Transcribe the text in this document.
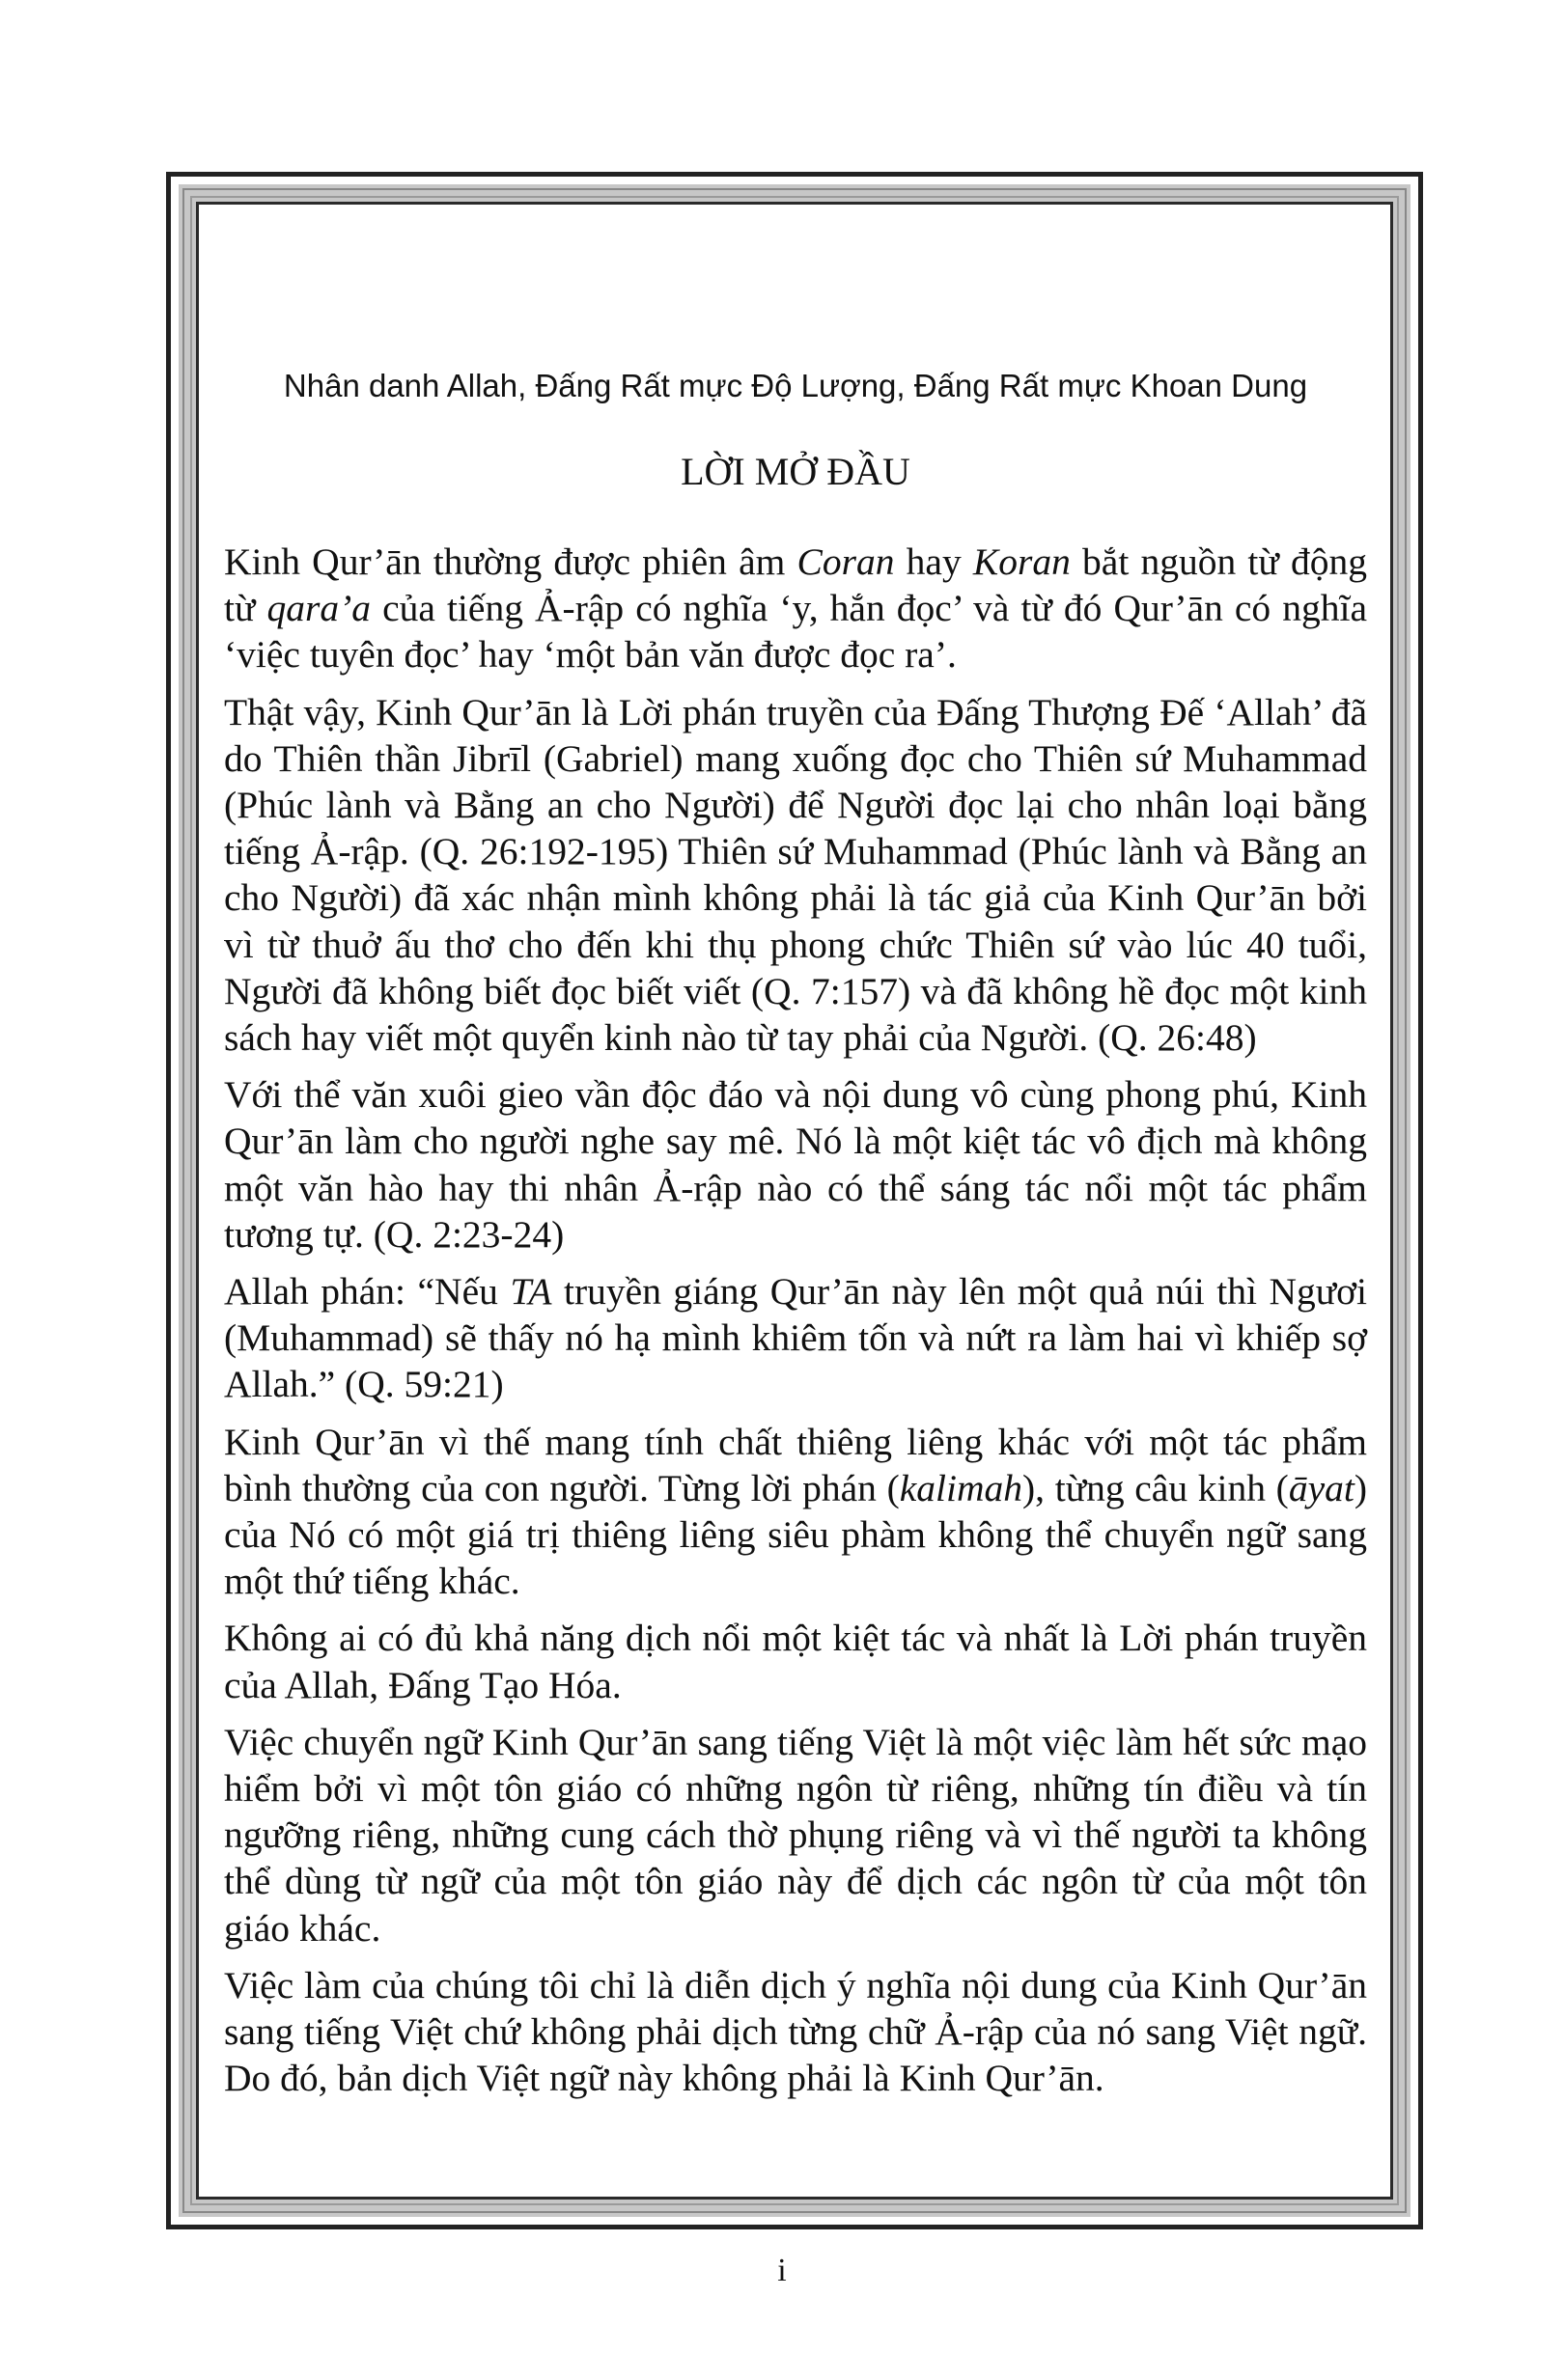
Nhân danh Allah, Đấng Rất mực Độ Lượng, Đấng Rất mực Khoan Dung

LỜI MỞ ĐẦU

Kinh Qur’ān thường được phiên âm Coran hay Koran bắt nguồn từ động từ qara’a của tiếng Ả-rập có nghĩa ‘y, hắn đọc’ và từ đó Qur’ān có nghĩa ‘việc tuyên đọc’ hay ‘một bản văn được đọc ra’.

Thật vậy, Kinh Qur’ān là Lời phán truyền của Đấng Thượng Đế ‘Allah’ đã do Thiên thần Jibrīl (Gabriel) mang xuống đọc cho Thiên sứ Muhammad (Phúc lành và Bằng an cho Người) để Người đọc lại cho nhân loại bằng tiếng Ả-rập. (Q. 26:192-195) Thiên sứ Muhammad (Phúc lành và Bằng an cho Người) đã xác nhận mình không phải là tác giả của Kinh Qur’ān bởi vì từ thuở ấu thơ cho đến khi thụ phong chức Thiên sứ vào lúc 40 tuổi, Người đã không biết đọc biết viết (Q. 7:157) và đã không hề đọc một kinh sách hay viết một quyển kinh nào từ tay phải của Người. (Q. 26:48)

Với thể văn xuôi gieo vần độc đáo và nội dung vô cùng phong phú, Kinh Qur’ān làm cho người nghe say mê. Nó là một kiệt tác vô địch mà không một văn hào hay thi nhân Ả-rập nào có thể sáng tác nổi một tác phẩm tương tự. (Q. 2:23-24)

Allah phán: “Nếu TA truyền giáng Qur’ān này lên một quả núi thì Ngươi (Muhammad) sẽ thấy nó hạ mình khiêm tốn và nứt ra làm hai vì khiếp sợ Allah.” (Q. 59:21)

Kinh Qur’ān vì thế mang tính chất thiêng liêng khác với một tác phẩm bình thường của con người. Từng lời phán (kalimah), từng câu kinh (āyat) của Nó có một giá trị thiêng liêng siêu phàm không thể chuyển ngữ sang một thứ tiếng khác.

Không ai có đủ khả năng dịch nổi một kiệt tác và nhất là Lời phán truyền của Allah, Đấng Tạo Hóa.

Việc chuyển ngữ Kinh Qur’ān sang tiếng Việt là một việc làm hết sức mạo hiểm bởi vì một tôn giáo có những ngôn từ riêng, những tín điều và tín ngưỡng riêng, những cung cách thờ phụng riêng và vì thế người ta không thể dùng từ ngữ của một tôn giáo này để dịch các ngôn từ của một tôn giáo khác.

Việc làm của chúng tôi chỉ là diễn dịch ý nghĩa nội dung của Kinh Qur’ān sang tiếng Việt chứ không phải dịch từng chữ Ả-rập của nó sang Việt ngữ. Do đó, bản dịch Việt ngữ này không phải là Kinh Qur’ān.

i
